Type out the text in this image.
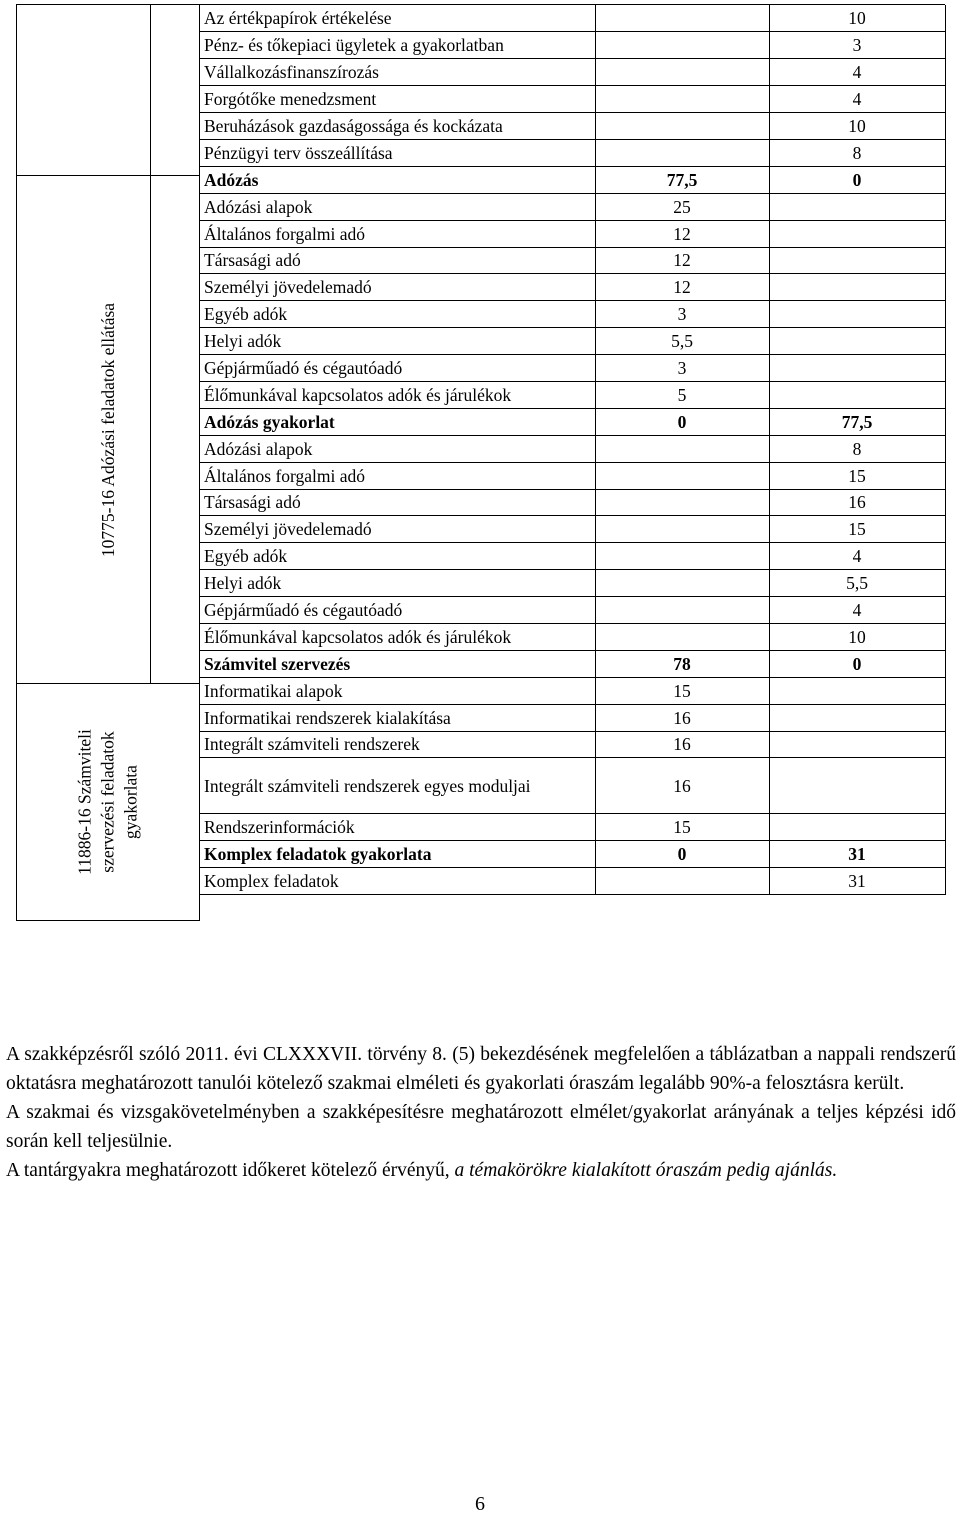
10775-16 Adózási feladatok ellátása
11886-16 Számviteli szervezési feladatok gyakorlata
Az értékpapírok értékelése		10
Pénz- és tőkepiaci ügyletek a gyakorlatban		3
Vállalkozásfinanszírozás		4
Forgótőke menedzsment		4
Beruházások gazdaságossága és kockázata		10
Pénzügyi terv összeállítása		8
Adózás	77,5	0
Adózási alapok	25	
Általános forgalmi adó	12	
Társasági adó	12	
Személyi jövedelemadó	12	
Egyéb adók	3	
Helyi adók	5,5	
Gépjárműadó és cégautóadó	3	
Élőmunkával kapcsolatos adók és járulékok	5	
Adózás gyakorlat	0	77,5
Adózási alapok		8
Általános forgalmi adó		15
Társasági adó		16
Személyi jövedelemadó		15
Egyéb adók		4
Helyi adók		5,5
Gépjárműadó és cégautóadó		4
Élőmunkával kapcsolatos adók és járulékok		10
Számvitel szervezés	78	0
Informatikai alapok	15	
Informatikai rendszerek kialakítása	16	
Integrált számviteli rendszerek	16	
Integrált számviteli rendszerek egyes moduljai	16	
Rendszerinformációk	15	
Komplex feladatok gyakorlata	0	31
Komplex feladatok		31

A szakképzésről szóló 2011. évi CLXXXVII. törvény 8. (5) bekezdésének megfelelően a táblázatban a nappali rendszerű oktatásra meghatározott tanulói kötelező szakmai elméleti és gyakorlati óraszám legalább 90%-a felosztásra került.

A szakmai és vizsgakövetelményben a szakképesítésre meghatározott elmélet/gyakorlat arányának a teljes képzési idő során kell teljesülnie.

A tantárgyakra meghatározott időkeret kötelező érvényű, a témakörökre kialakított óraszám pedig ajánlás.

6
